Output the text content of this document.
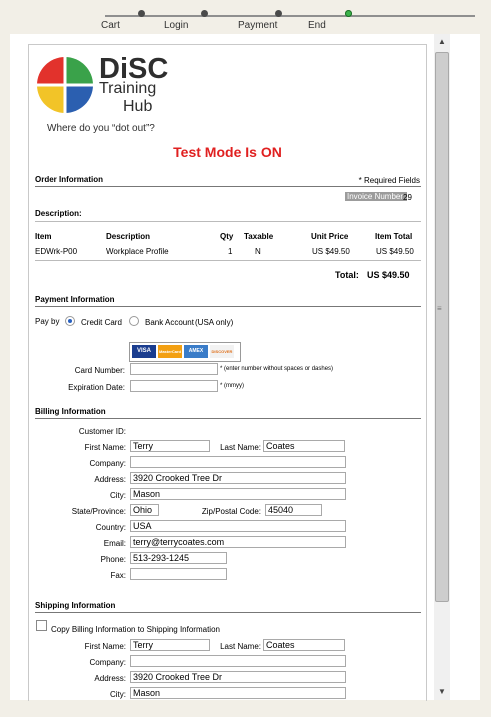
Cart	Login	Payment	End
DiSC
Training
Hub
Where do you “dot out”?
Test Mode Is ON
Order Information	* Required Fields
Invoice Number:
29
Description:
Item	Description	Qty Taxable	Unit Price	Item Total
EDWrk-P00	Workplace Profile	1	N	US $49.50	US $49.50
Total: US $49.50
Payment Information
Pay by	Credit Card	Bank Account (USA only)
VISA	MasterCard	AMEX	DISCOVER
Card Number:	* (enter number without spaces or dashes)
Expiration Date:	* (mmyy)
Billing Information
Customer ID:
First Name:
Terry	Last Name:
Coates
Company:
Address:
3920 Crooked Tree Dr
City:
Mason
State/Province:
Ohio	Zip/Postal Code:
45040
Country:
USA
Email:
terry@terrycoates.com
Phone:
513-293-1245
Fax:
Shipping Information
Copy Billing Information to Shipping Information
First Name:
Terry	Last Name:
Coates
Company:
Address:
3920 Crooked Tree Dr
City:
Mason
▲
≡
▼
